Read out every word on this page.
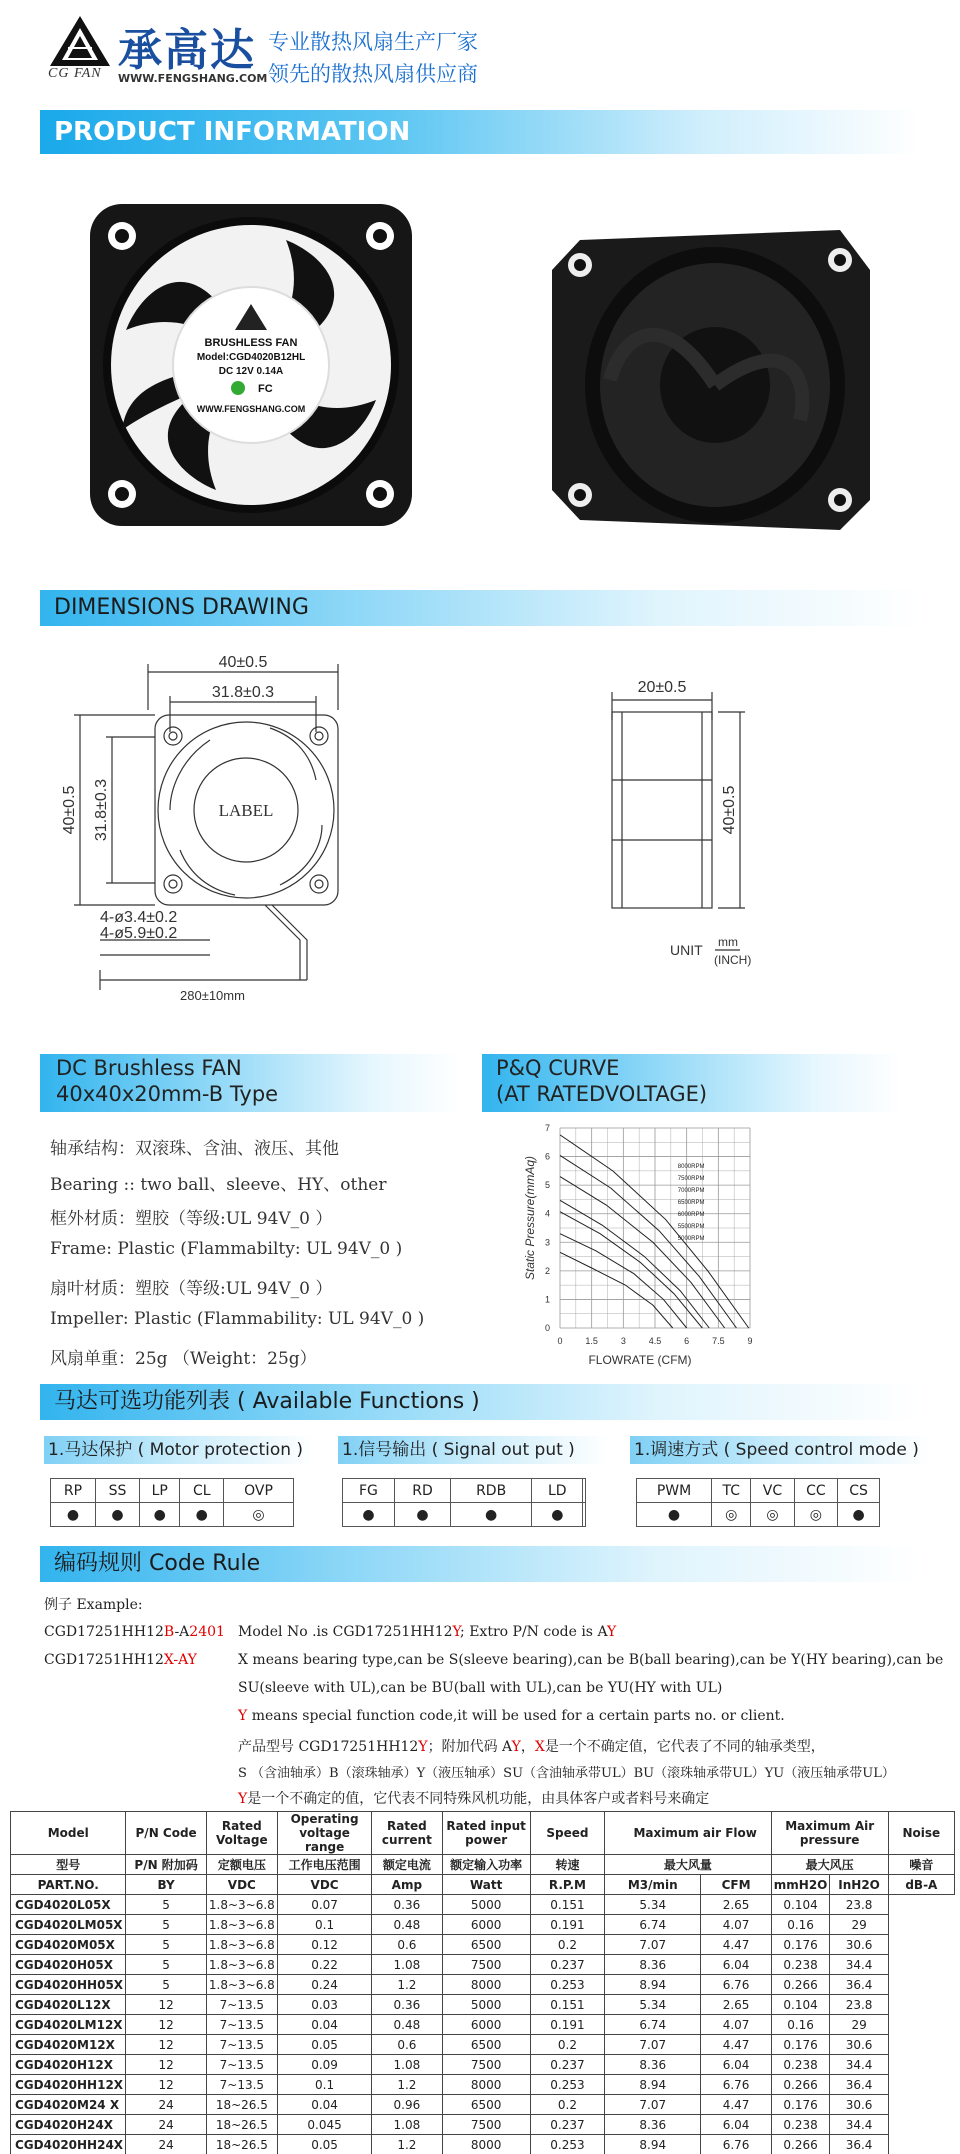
CG FAN 承高达
WWW.FENGSHANG.COM
专业散热风扇生产厂家
领先的散热风扇供应商
PRODUCT INFORMATION
BRUSHLESS FAN
Model:CGD4020B12HL
DC 12V 0.14A
FC
WWW.FENGSHANG.COM
DIMENSIONS DRAWING
40±0.5
31.8±0.3
40±0.5 31.8±0.3	LABEL
4-ø3.4±0.2
4-ø5.9±0.2
280±10mm
20±0.5
40±0.5
UNIT mm
(INCH)
DC Brushless FAN
40x40x20mm-B Type
P&Q CURVE
(AT RATEDVOLTAGE)
轴承结构：双滚珠、含油、液压、其他
Bearing :: two ball、sleeve、HY、other
框外材质：塑胶（等级:UL 94V_0 ）
Frame: Plastic (Flammabilty: UL 94V_0 )
扇叶材质：塑胶（等级:UL 94V_0 ）
Impeller: Plastic (Flammability: UL 94V_0 )
风扇单重：25g （Weight：25g）
0	1.5	3	4.5	6	7.5	9
0
1
2
3
4
5
6
7
8000RPM
7500RPM
7000RPM
6500RPM
6000RPM
5500RPM
5000RPM
FLOWRATE (CFM)
Static Pressure(mmAq)
马达可选功能列表 ( Available Functions )
1.马达保护 ( Motor protection )
RP	SS	LP	CL	OVP
●	●	●	●	◎
1.信号输出 ( Signal out put )
FG	RD	RDB	LD	
●	●	●	●	
1.调速方式 ( Speed control mode )
PWM	TC	VC	CC	CS
●	◎	◎	◎	●
编码规则 Code Rule
例子 Example:
CGD17251HH12B-A2401 Model No .is CGD17251HH12Y; Extro P/N code is AY
CGD17251HH12X-AY	X means bearing type,can be S(sleeve bearing),can be B(ball bearing),can be Y(HY bearing),can be
SU(sleeve with UL),can be BU(ball with UL),can be YU(HY with UL)
Y means special function code,it will be used for a certain parts no. or client.
产品型号 CGD17251HH12Y；附加代码 AY，X是一个不确定值，它代表了不同的轴承类型，
S （含油轴承）B（滚珠轴承）Y（液压轴承）SU（含油轴承带UL）BU（滚珠轴承带UL）YU（液压轴承带UL）
Y是一个不确定的值，它代表不同特殊风机功能，由具体客户或者料号来确定
Model	P/N Code	Rated Voltage	Operating voltage range	Rated current	Rated input power	Speed	Maximum	air Flow	Maximum Air pressure		Noise
型号	P/N 附加码	定额电压	工作电压范围	额定电流	额定输入功率	转速	最大风量		最大风压		噪音
PART.NO.	BY	VDC	VDC	Amp	Watt	R.P.M	M3/min	CFM	mmH2O	InH2O	dB-A
CGD4020L05X	5	1.8~3~6.8	0.07	0.36	5000	0.151	5.34	2.65	0.104	23.8	
CGD4020LM05X	5	1.8~3~6.8	0.1	0.48	6000	0.191	6.74	4.07	0.16	29	
CGD4020M05X	5	1.8~3~6.8	0.12	0.6	6500	0.2	7.07	4.47	0.176	30.6	
CGD4020H05X	5	1.8~3~6.8	0.22	1.08	7500	0.237	8.36	6.04	0.238	34.4	
CGD4020HH05X	5	1.8~3~6.8	0.24	1.2	8000	0.253	8.94	6.76	0.266	36.4	
CGD4020L12X	12	7~13.5	0.03	0.36	5000	0.151	5.34	2.65	0.104	23.8	
CGD4020LM12X	12	7~13.5	0.04	0.48	6000	0.191	6.74	4.07	0.16	29	
CGD4020M12X	12	7~13.5	0.05	0.6	6500	0.2	7.07	4.47	0.176	30.6	
CGD4020H12X	12	7~13.5	0.09	1.08	7500	0.237	8.36	6.04	0.238	34.4	
CGD4020HH12X	12	7~13.5	0.1	1.2	8000	0.253	8.94	6.76	0.266	36.4	
CGD4020M24 X	24	18~26.5	0.04	0.96	6500	0.2	7.07	4.47	0.176	30.6	
CGD4020H24X	24	18~26.5	0.045	1.08	7500	0.237	8.36	6.04	0.238	34.4	
CGD4020HH24X	24	18~26.5	0.05	1.2	8000	0.253	8.94	6.76	0.266	36.4	
